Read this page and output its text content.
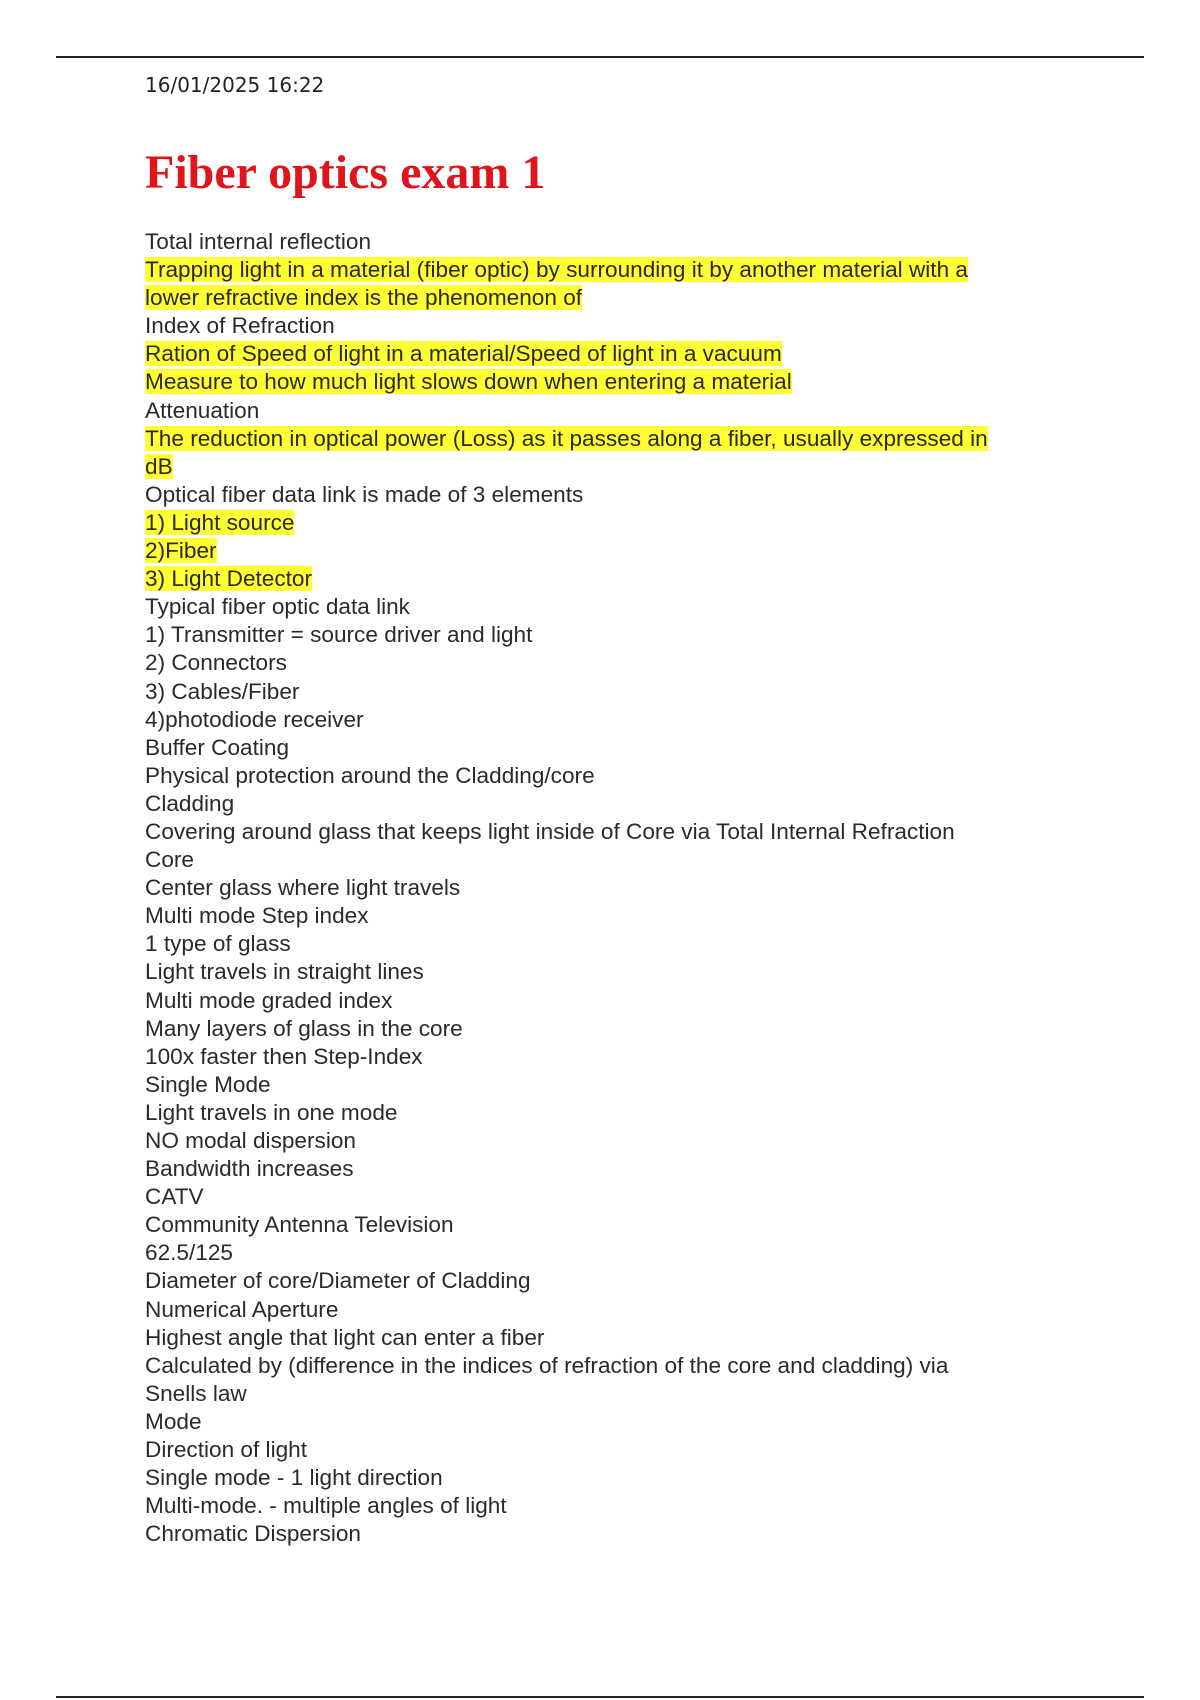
16/01/2025 16:22
Fiber optics exam 1
Total internal reflection
Trapping light in a material (fiber optic) by surrounding it by another material with a
lower refractive index is the phenomenon of
Index of Refraction
Ration of Speed of light in a material/Speed of light in a vacuum
Measure to how much light slows down when entering a material
Attenuation
The reduction in optical power (Loss) as it passes along a fiber, usually expressed in
dB
Optical fiber data link is made of 3 elements
1) Light source
2)Fiber
3) Light Detector
Typical fiber optic data link
1) Transmitter = source driver and light
2) Connectors
3) Cables/Fiber
4)photodiode receiver
Buffer Coating
Physical protection around the Cladding/core
Cladding
Covering around glass that keeps light inside of Core via Total Internal Refraction
Core
Center glass where light travels
Multi mode Step index
1 type of glass
Light travels in straight lines
Multi mode graded index
Many layers of glass in the core
100x faster then Step-Index
Single Mode
Light travels in one mode
NO modal dispersion
Bandwidth increases
CATV
Community Antenna Television
62.5/125
Diameter of core/Diameter of Cladding
Numerical Aperture
Highest angle that light can enter a fiber
Calculated by (difference in the indices of refraction of the core and cladding) via
Snells law
Mode
Direction of light
Single mode - 1 light direction
Multi-mode. - multiple angles of light
Chromatic Dispersion
